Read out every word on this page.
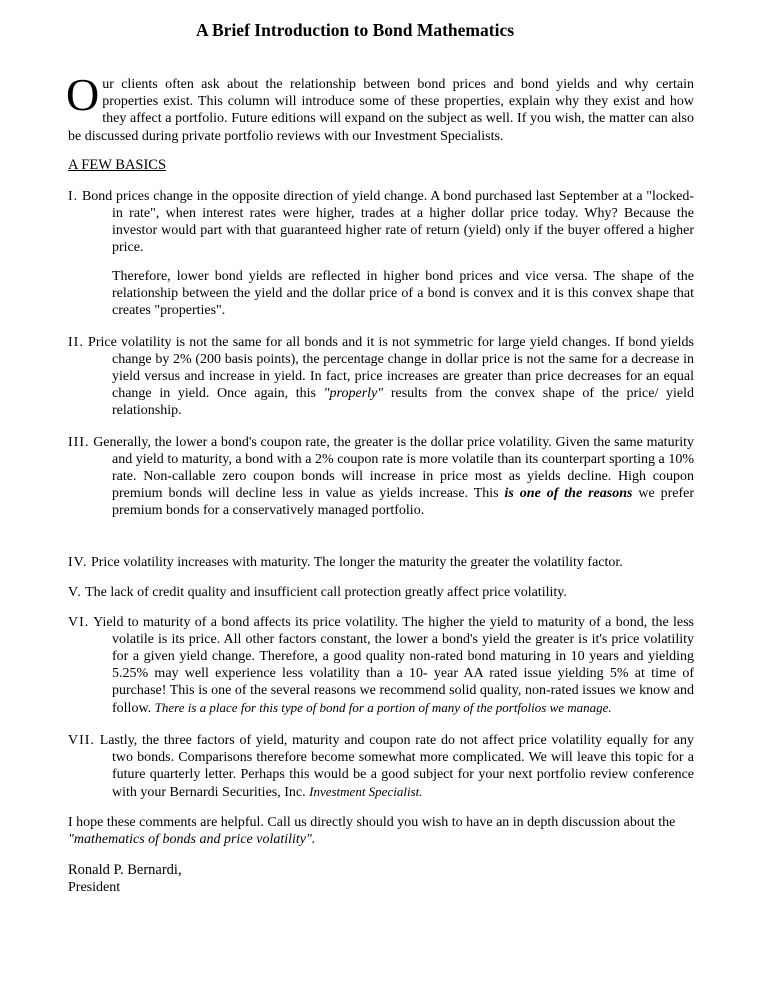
A Brief Introduction to Bond Mathematics

Our clients often ask about the relationship between bond prices and bond yields and why certain properties exist. This column will introduce some of these properties, explain why they exist and how they affect a portfolio. Future editions will expand on the subject as well. If you wish, the matter can also be discussed during private portfolio reviews with our Investment Specialists.

A FEW BASICS

I. Bond prices change in the opposite direction of yield change. A bond purchased last September at a "locked-in rate", when interest rates were higher, trades at a higher dollar price today. Why? Because the investor would part with that guaranteed higher rate of return (yield) only if the buyer offered a higher price.

Therefore, lower bond yields are reflected in higher bond prices and vice versa. The shape of the relationship between the yield and the dollar price of a bond is convex and it is this convex shape that creates "properties".

II. Price volatility is not the same for all bonds and it is not symmetric for large yield changes. If bond yields change by 2% (200 basis points), the percentage change in dollar price is not the same for a decrease in yield versus and increase in yield. In fact, price increases are greater than price decreases for an equal change in yield. Once again, this "properly" results from the convex shape of the price/ yield relationship.

III. Generally, the lower a bond's coupon rate, the greater is the dollar price volatility. Given the same maturity and yield to maturity, a bond with a 2% coupon rate is more volatile than its counterpart sporting a 10% rate. Non-callable zero coupon bonds will increase in price most as yields decline. High coupon premium bonds will decline less in value as yields increase. This is one of the reasons we prefer premium bonds for a conservatively managed portfolio.

IV. Price volatility increases with maturity. The longer the maturity the greater the volatility factor.

V. The lack of credit quality and insufficient call protection greatly affect price volatility.

VI. Yield to maturity of a bond affects its price volatility. The higher the yield to maturity of a bond, the less volatile is its price. All other factors constant, the lower a bond's yield the greater is it's price volatility for a given yield change. Therefore, a good quality non-rated bond maturing in 10 years and yielding 5.25% may well experience less volatility than a 10- year AA rated issue yielding 5% at time of purchase! This is one of the several reasons we recommend solid quality, non-rated issues we know and follow. There is a place for this type of bond for a portion of many of the portfolios we manage.

VII. Lastly, the three factors of yield, maturity and coupon rate do not affect price volatility equally for any two bonds. Comparisons therefore become somewhat more complicated. We will leave this topic for a future quarterly letter. Perhaps this would be a good subject for your next portfolio review conference with your Bernardi Securities, Inc. Investment Specialist.

I hope these comments are helpful. Call us directly should you wish to have an in depth discussion about the "mathematics of bonds and price volatility".

Ronald P. Bernardi,

President
